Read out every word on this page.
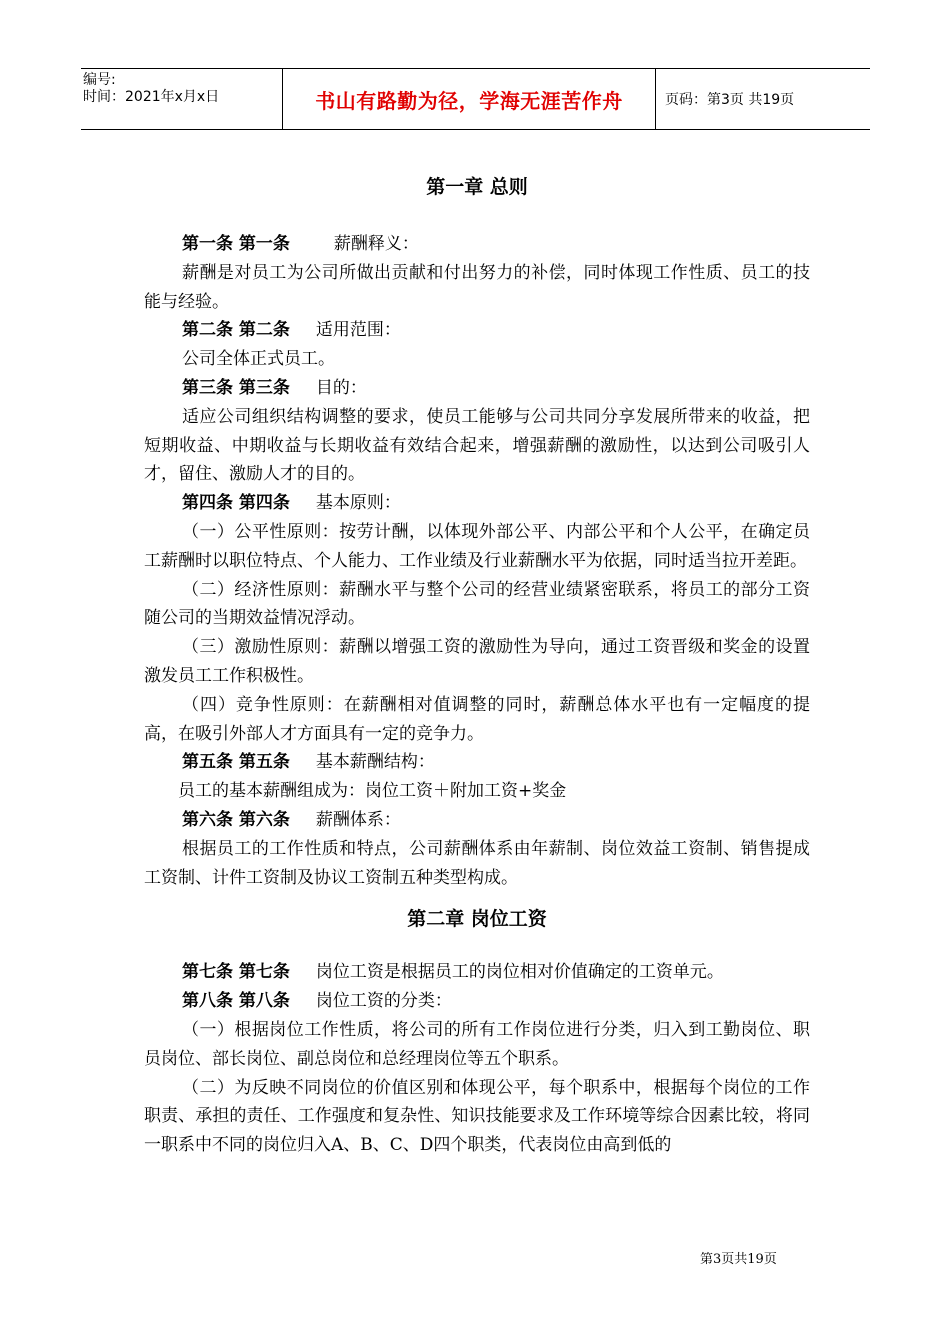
编号:
时间：2021年x月x日	书山有路勤为径，学海无涯苦作舟	页码：第3页 共19页
第一章 总则

第一条 第一条	薪酬释义：

薪酬是对员工为公司所做出贡献和付出努力的补偿，同时体现工作性质、员工的技能与经验。

第二条 第二条 适用范围：

公司全体正式员工。

第三条 第三条 目的：

适应公司组织结构调整的要求，使员工能够与公司共同分享发展所带来的收益，把短期收益、中期收益与长期收益有效结合起来，增强薪酬的激励性，以达到公司吸引人才，留住、激励人才的目的。

第四条 第四条 基本原则：

（一）公平性原则：按劳计酬，以体现外部公平、内部公平和个人公平，在确定员工薪酬时以职位特点、个人能力、工作业绩及行业薪酬水平为依据，同时适当拉开差距。

（二）经济性原则：薪酬水平与整个公司的经营业绩紧密联系，将员工的部分工资随公司的当期效益情况浮动。

（三）激励性原则：薪酬以增强工资的激励性为导向，通过工资晋级和奖金的设置激发员工工作积极性。

（四）竞争性原则：在薪酬相对值调整的同时，薪酬总体水平也有一定幅度的提高，在吸引外部人才方面具有一定的竞争力。

第五条 第五条 基本薪酬结构：

员工的基本薪酬组成为：岗位工资＋附加工资+奖金

第六条 第六条 薪酬体系：

根据员工的工作性质和特点，公司薪酬体系由年薪制、岗位效益工资制、销售提成工资制、计件工资制及协议工资制五种类型构成。

第二章 岗位工资

第七条 第七条 岗位工资是根据员工的岗位相对价值确定的工资单元。

第八条 第八条 岗位工资的分类：

（一）根据岗位工作性质，将公司的所有工作岗位进行分类，归入到工勤岗位、职员岗位、部长岗位、副总岗位和总经理岗位等五个职系。

（二）为反映不同岗位的价值区别和体现公平，每个职系中，根据每个岗位的工作职责、承担的责任、工作强度和复杂性、知识技能要求及工作环境等综合因素比较，将同一职系中不同的岗位归入A、B、C、D四个职类，代表岗位由高到低的

第3页共19页
